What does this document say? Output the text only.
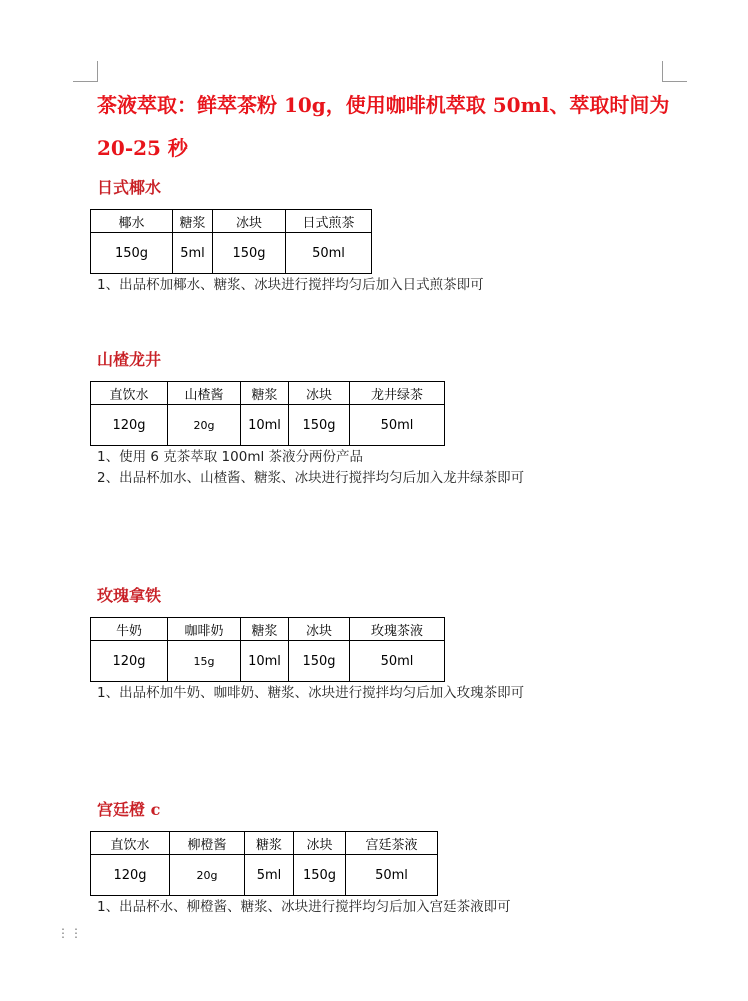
茶液萃取：鲜萃茶粉 10g，使用咖啡机萃取 50ml、萃取时间为 20-25 秒
日式椰水
椰水	糖浆	冰块	日式煎茶
150g	5ml	150g	50ml

1、出品杯加椰水、糖浆、冰块进行搅拌均匀后加入日式煎茶即可

山楂龙井
直饮水	山楂酱	糖浆	冰块	龙井绿茶
120g	20g	10ml	150g	50ml

1、使用 6 克茶萃取 100ml 茶液分两份产品

2、出品杯加水、山楂酱、糖浆、冰块进行搅拌均匀后加入龙井绿茶即可

玫瑰拿铁
牛奶	咖啡奶	糖浆	冰块	玫瑰茶液
120g	15g	10ml	150g	50ml

1、出品杯加牛奶、咖啡奶、糖浆、冰块进行搅拌均匀后加入玫瑰茶即可

宫廷橙 c
直饮水	柳橙酱	糖浆	冰块	宫廷茶液
120g	20g	5ml	150g	50ml

1、出品杯水、柳橙酱、糖浆、冰块进行搅拌均匀后加入宫廷茶液即可

⋮⋮
